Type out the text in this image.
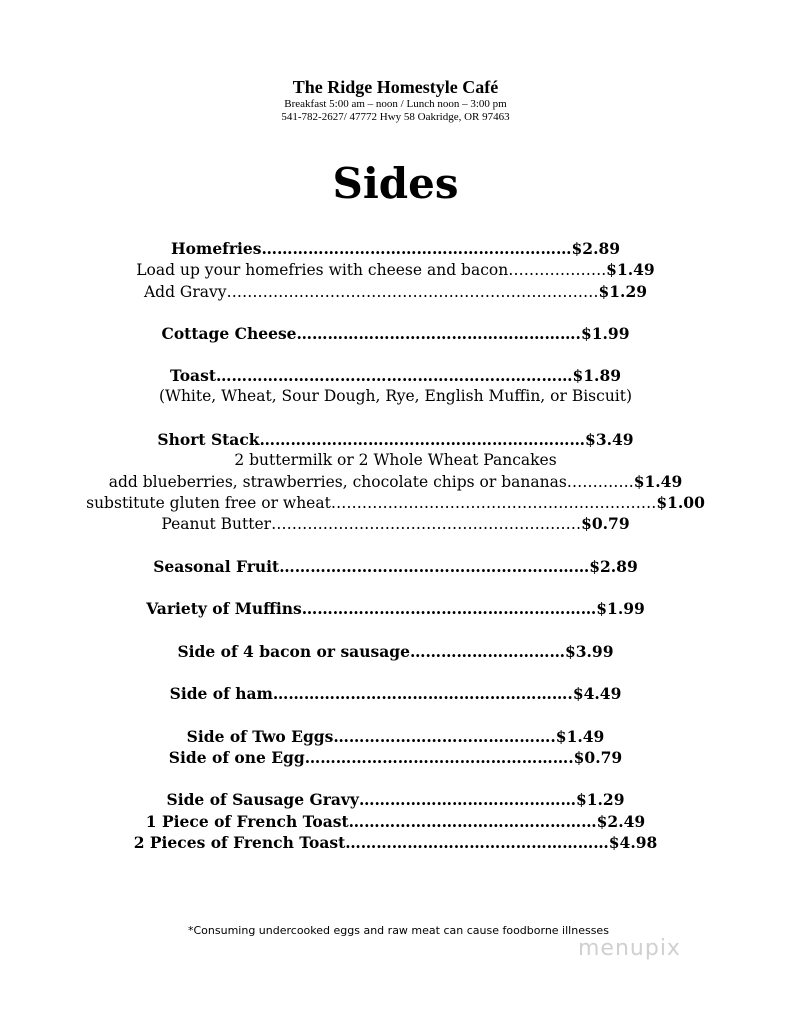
The Ridge Homestyle Café
Breakfast 5:00 am – noon / Lunch noon – 3:00 pm
541-782-2627/ 47772 Hwy 58 Oakridge, OR 97463
Sides
Homefries……………………………………………………$2.89
Load up your homefries with cheese and bacon……………….$1.49
Add Gravy………………………………………………………………$1.29
Cottage Cheese……………………………………………….$1.99
Toast……………………………………………………………$1.89
(White, Wheat, Sour Dough, Rye, English Muffin, or Biscuit)
Short Stack………………………………………………………$3.49
2 buttermilk or 2 Whole Wheat Pancakes
add blueberries, strawberries, chocolate chips or bananas………….$1.49
substitute gluten free or wheat………………………………………………………$1.00
Peanut Butter……………………………………………………$0.79
Seasonal Fruit……………………………………………………$2.89
Variety of Muffins…………………………………………………$1.99
Side of 4 bacon or sausage…………………………$3.99
Side of ham………………………………………………….$4.49
Side of Two Eggs…………………………………….$1.49
Side of one Egg…………………………………………….$0.79
Side of Sausage Gravy……………………………………$1.29
1 Piece of French Toast…………………………………………$2.49
2 Pieces of French Toast……………………………………………$4.98
*Consuming undercooked eggs and raw meat can cause foodborne illnesses
menupix
